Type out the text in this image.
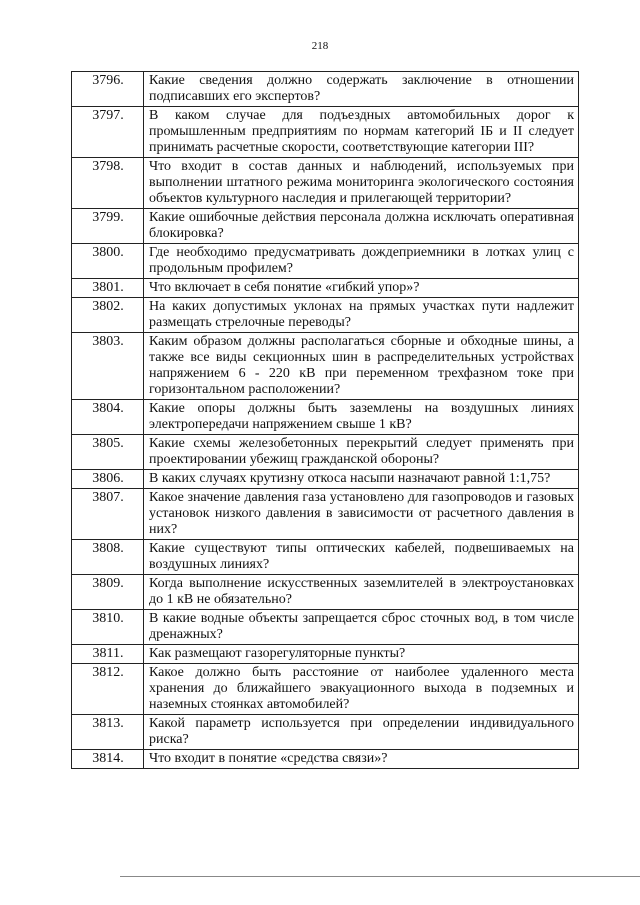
218
3796.	Какие сведения должно содержать заключение в отношении подписавших его экспертов?
3797.	В каком случае для подъездных автомобильных дорог к промышленным предприятиям по нормам категорий IБ и II следует принимать расчетные скорости, соответствующие категории III?
3798.	Что входит в состав данных и наблюдений, используемых при выполнении штатного режима мониторинга экологического состояния объектов культурного наследия и прилегающей территории?
3799.	Какие ошибочные действия персонала должна исключать оперативная блокировка?
3800.	Где необходимо предусматривать дождеприемники в лотках улиц с продольным профилем?
3801.	Что включает в себя понятие «гибкий упор»?
3802.	На каких допустимых уклонах на прямых участках пути надлежит размещать стрелочные переводы?
3803.	Каким образом должны располагаться сборные и обходные шины, а также все виды секционных шин в распределительных устройствах напряжением 6 - 220 кВ при переменном трехфазном токе при горизонтальном расположении?
3804.	Какие опоры должны быть заземлены на воздушных линиях электропередачи напряжением свыше 1 кВ?
3805.	Какие схемы железобетонных перекрытий следует применять при проектировании убежищ гражданской обороны?
3806.	В каких случаях крутизну откоса насыпи назначают равной 1:1,75?
3807.	Какое значение давления газа установлено для газопроводов и газовых установок низкого давления в зависимости от расчетного давления в них?
3808.	Какие существуют типы оптических кабелей, подвешиваемых на воздушных линиях?
3809.	Когда выполнение искусственных заземлителей в электроустановках до 1 кВ не обязательно?
3810.	В какие водные объекты запрещается сброс сточных вод, в том числе дренажных?
3811.	Как размещают газорегуляторные пункты?
3812.	Какое должно быть расстояние от наиболее удаленного места хранения до ближайшего эвакуационного выхода в подземных и наземных стоянках автомобилей?
3813.	Какой параметр используется при определении индивидуального риска?
3814.	Что входит в понятие «средства связи»?
